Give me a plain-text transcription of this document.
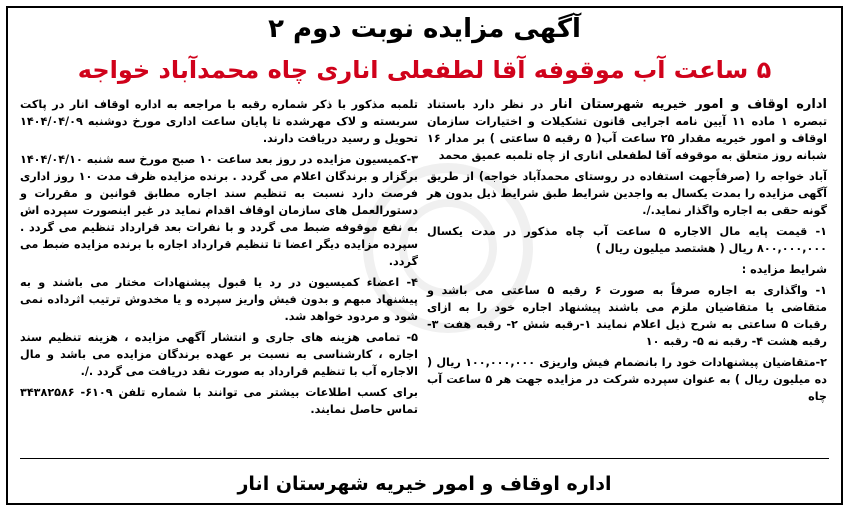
آگهی مزایده نوبت دوم ۲
۵ ساعت آب موقوفه آقا لطفعلی اناری چاه محمدآباد خواجه

اداره اوقاف و امور خیریه شهرستان انار در نظر دارد باستناد تبصره ۱ ماده ۱۱ آیین نامه اجرایی قانون تشکیلات و اختیارات سازمان اوقاف و امور خیریه مقدار ۲۵ ساعت آب( ۵ رقبه ۵ ساعتی ) بر مدار ۱۶ شبانه روز متعلق به موقوفه آقا لطفعلی اناری از چاه تلمبه عمیق محمد

آباد خواجه را (صرفاًجهت استفاده در روستای محمدآباد خواجه) از طریق آگهی مزایده را بمدت یکسال به واجدین شرایط طبق شرایط ذیل بدون هر گونه حقی به اجاره واگذار نماید./.

۱- قیمت پایه مال الاجاره ۵ ساعت آب چاه مذکور در مدت یکسال ۸۰۰,۰۰۰,۰۰۰ ریال ( هشتصد میلیون ریال )

شرایط مزایده :

۱- واگذاری به اجاره صرفاً به صورت ۶ رقبه ۵ ساعتی می باشد و متقاضی یا متقاضیان ملزم می باشند پیشنهاد اجاره خود را به ازای رقبات ۵ ساعتی به شرح ذیل اعلام نمایند ۱-رقبه شش ۲- رقبه هفت ۳- رقبه هشت ۴- رقبه نه ۵- رقبه ۱۰

۲-متقاضیان پیشنهادات خود را بانضمام فیش واریزی ۱۰۰,۰۰۰,۰۰۰ ریال ( ده میلیون ریال ) به عنوان سپرده شرکت در مزایده جهت هر ۵ ساعت آب چاه

تلمبه مذکور با ذکر شماره رقبه با مراجعه به اداره اوقاف انار در پاکت سربسته و لاک مهرشده تا پایان ساعت اداری مورخ دوشنبه ۱۴۰۴/۰۴/۰۹ تحویل و رسید دریافت دارند.

۳-کمیسیون مزایده در روز بعد ساعت ۱۰ صبح مورخ سه شنبه ۱۴۰۴/۰۴/۱۰ برگزار و برندگان اعلام می گردد . برنده مزایده ظرف مدت ۱۰ روز اداری فرصت دارد نسبت به تنظیم سند اجاره مطابق قوانین و مقررات و دستورالعمل های سازمان اوقاف اقدام نماید در غیر اینصورت سپرده اش به نفع موقوفه ضبط می گردد و با نفرات بعد قرارداد تنظیم می گردد . سپرده مزایده دیگر اعضا تا تنظیم قرارداد اجاره با برنده مزایده ضبط می گردد.

۴- اعضاء کمیسیون در رد یا قبول پیشنهادات مختار می باشند و به پیشنهاد مبهم و بدون فیش واریز سپرده و یا مخدوش ترتیب اثرداده نمی شود و مردود خواهد شد.

۵- تمامی هزینه های جاری و انتشار آگهی مزایده ، هزینه تنظیم سند اجاره ، کارشناسی به نسبت بر عهده برندگان مزایده می باشد و مال الاجاره آب با تنظیم قرارداد به صورت نقد دریافت می گردد ./.

برای کسب اطلاعات بیشتر می توانند با شماره تلفن ۶۱۰۹- ۳۴۳۸۲۵۸۶ تماس حاصل نمایند.

اداره اوقاف و امور خیریه شهرستان انار
